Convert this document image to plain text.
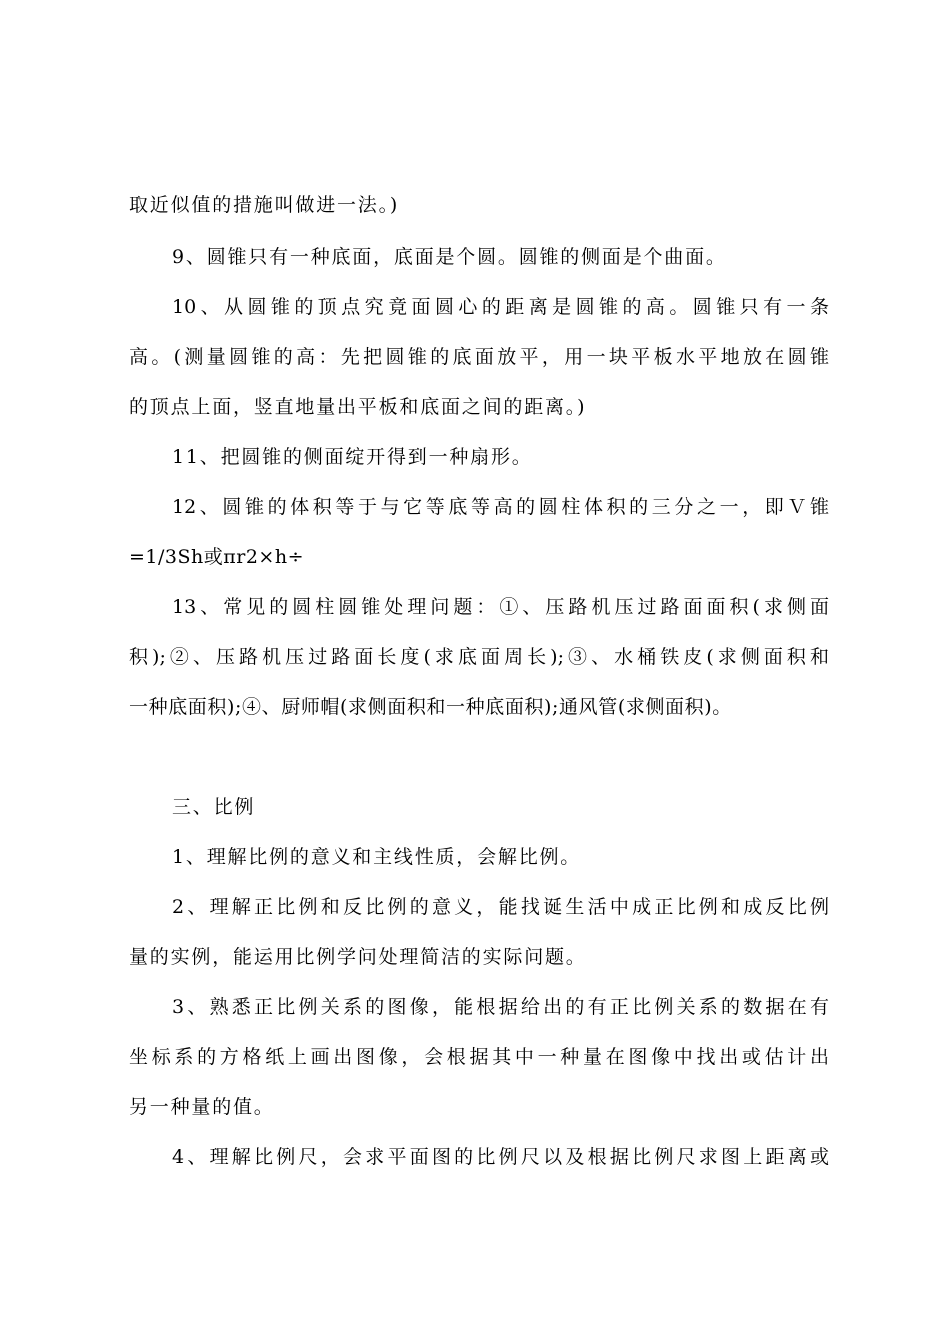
取近似值的措施叫做进一法。)
9、圆锥只有一种底面，底面是个圆。圆锥的侧面是个曲面。
10、从圆锥的顶点究竟面圆心的距离是圆锥的高。圆锥只有一条
高。(测量圆锥的高：先把圆锥的底面放平，用一块平板水平地放在圆锥
的顶点上面，竖直地量出平板和底面之间的距离。)
11、把圆锥的侧面绽开得到一种扇形。
12、圆锥的体积等于与它等底等高的圆柱体积的三分之一，即Ｖ锥
=1/3Sh或πr2×h÷
13、常见的圆柱圆锥处理问题：①、压路机压过路面面积(求侧面
积);②、压路机压过路面长度(求底面周长);③、水桶铁皮(求侧面积和
一种底面积);④、厨师帽(求侧面积和一种底面积);通风管(求侧面积)。
三、比例
1、理解比例的意义和主线性质，会解比例。
2、理解正比例和反比例的意义，能找诞生活中成正比例和成反比例
量的实例，能运用比例学问处理简洁的实际问题。
3、熟悉正比例关系的图像，能根据给出的有正比例关系的数据在有
坐标系的方格纸上画出图像，会根据其中一种量在图像中找出或估计出
另一种量的值。
4、理解比例尺，会求平面图的比例尺以及根据比例尺求图上距离或
